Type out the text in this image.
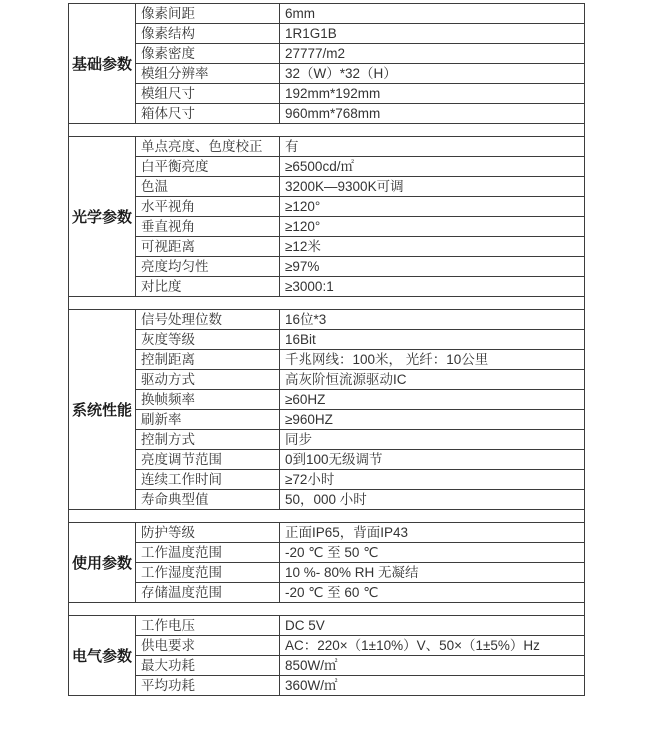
基础参数	像素间距	6mm
	像素结构	1R1G1B
	像素密度	27777/m2
	模组分辨率	32（W）*32（H）
	模组尺寸	192mm*192mm
	箱体尺寸	960mm*768mm

光学参数	单点亮度、色度校正	有
	白平衡亮度	≥6500cd/㎡
	色温	3200K—9300K可调
	水平视角	≥120°
	垂直视角	≥120°
	可视距离	≥12米
	亮度均匀性	≥97%
	对比度	≥3000:1

系统性能	信号处理位数	16位*3
	灰度等级	16Bit
	控制距离	千兆网线：100米， 光纤：10公里
	驱动方式	高灰阶恒流源驱动IC
	换帧频率	≥60HZ
	刷新率	≥960HZ
	控制方式	同步
	亮度调节范围	0到100无级调节
	连续工作时间	≥72小时
	寿命典型值	50，000 小时

使用参数	防护等级	正面IP65，背面IP43
	工作温度范围	-20 ℃ 至 50 ℃
	工作湿度范围	10 %- 80% RH 无凝结
	存储温度范围	-20 ℃ 至 60 ℃

电气参数	工作电压	DC 5V
	供电要求	AC：220×（1±10%）V、50×（1±5%）Hz
	最大功耗	850W/㎡
	平均功耗	360W/㎡
